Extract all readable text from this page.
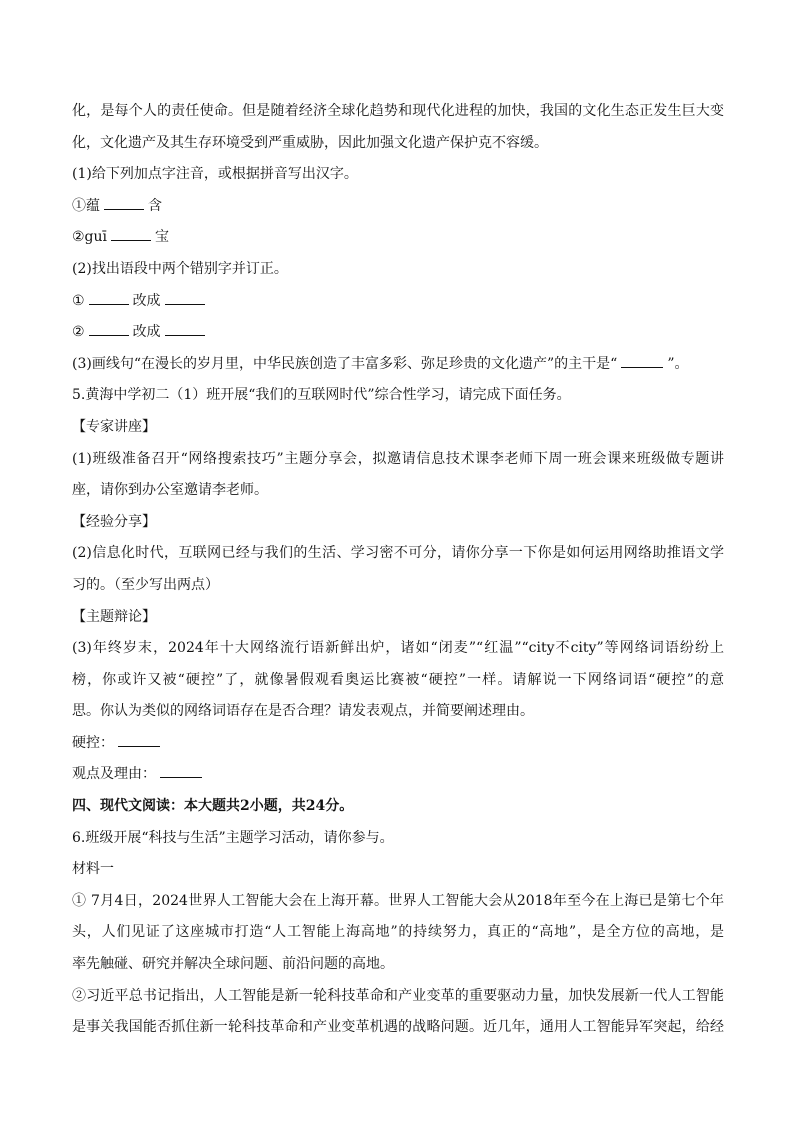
化，是每个人的责任使命。但是随着经济全球化趋势和现代化进程的加快，我国的文化生态正发生巨大变
化，文化遗产及其生存环境受到严重威胁，因此加强文化遗产保护克不容缓。
(1)给下列加点字注音，或根据拼音写出汉字。
①蕴	含
②guī	宝
(2)找出语段中两个错别字并订正。
①	改成
②	改成
(3)画线句“在漫长的岁月里，中华民族创造了丰富多彩、弥足珍贵的文化遗产”的主干是“	”。
5.黄海中学初二（1）班开展“我们的互联网时代”综合性学习，请完成下面任务。
【专家讲座】
(1)班级准备召开“网络搜索技巧”主题分享会，拟邀请信息技术课李老师下周一班会课来班级做专题讲
座，请你到办公室邀请李老师。
【经验分享】
(2)信息化时代，互联网已经与我们的生活、学习密不可分，请你分享一下你是如何运用网络助推语文学
习的。（至少写出两点）
【主题辩论】
(3)年终岁末，2024年十大网络流行语新鲜出炉，诸如“闭麦”“红温”“city不city”等网络词语纷纷上
榜，你或许又被“硬控”了，就像暑假观看奥运比赛被“硬控”一样。请解说一下网络词语“硬控”的意
思。你认为类似的网络词语存在是否合理？请发表观点，并简要阐述理由。
硬控：
观点及理由：
四、现代文阅读：本大题共2小题，共24分。
6.班级开展“科技与生活”主题学习活动，请你参与。
材料一
① 7月4日，2024世界人工智能大会在上海开幕。世界人工智能大会从2018年至今在上海已是第七个年
头，人们见证了这座城市打造“人工智能上海高地”的持续努力，真正的“高地”，是全方位的高地，是
率先触碰、研究并解决全球问题、前沿问题的高地。
②习近平总书记指出，人工智能是新一轮科技革命和产业变革的重要驱动力量，加快发展新一代人工智能
是事关我国能否抓住新一轮科技革命和产业变革机遇的战略问题。近几年，通用人工智能异军突起，给经
